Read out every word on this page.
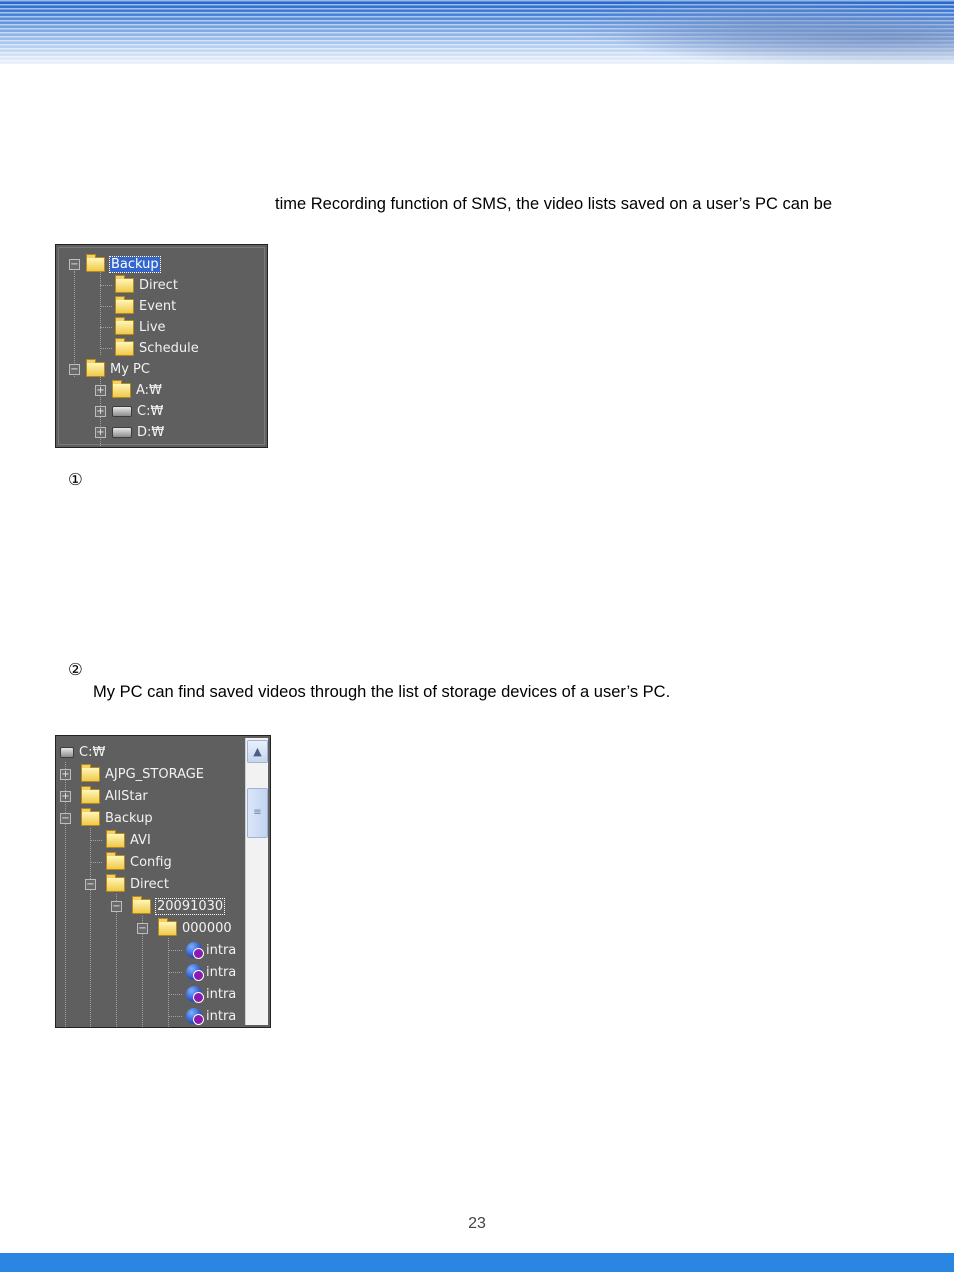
time Recording function of SMS, the video lists saved on a user’s PC can be
− Backup
Direct
Event
Live
Schedule
− My PC
+ A:₩
+ C:₩
+ D:₩
①
②
My PC can find saved videos through the list of storage devices of a user’s PC.
C:₩
+	AJPG_STORAGE
+	AllStar
−	Backup
AVI
Config
−	Direct
−	20091030
−	000000
intra
intra
intra
intra
▲
≡
23
